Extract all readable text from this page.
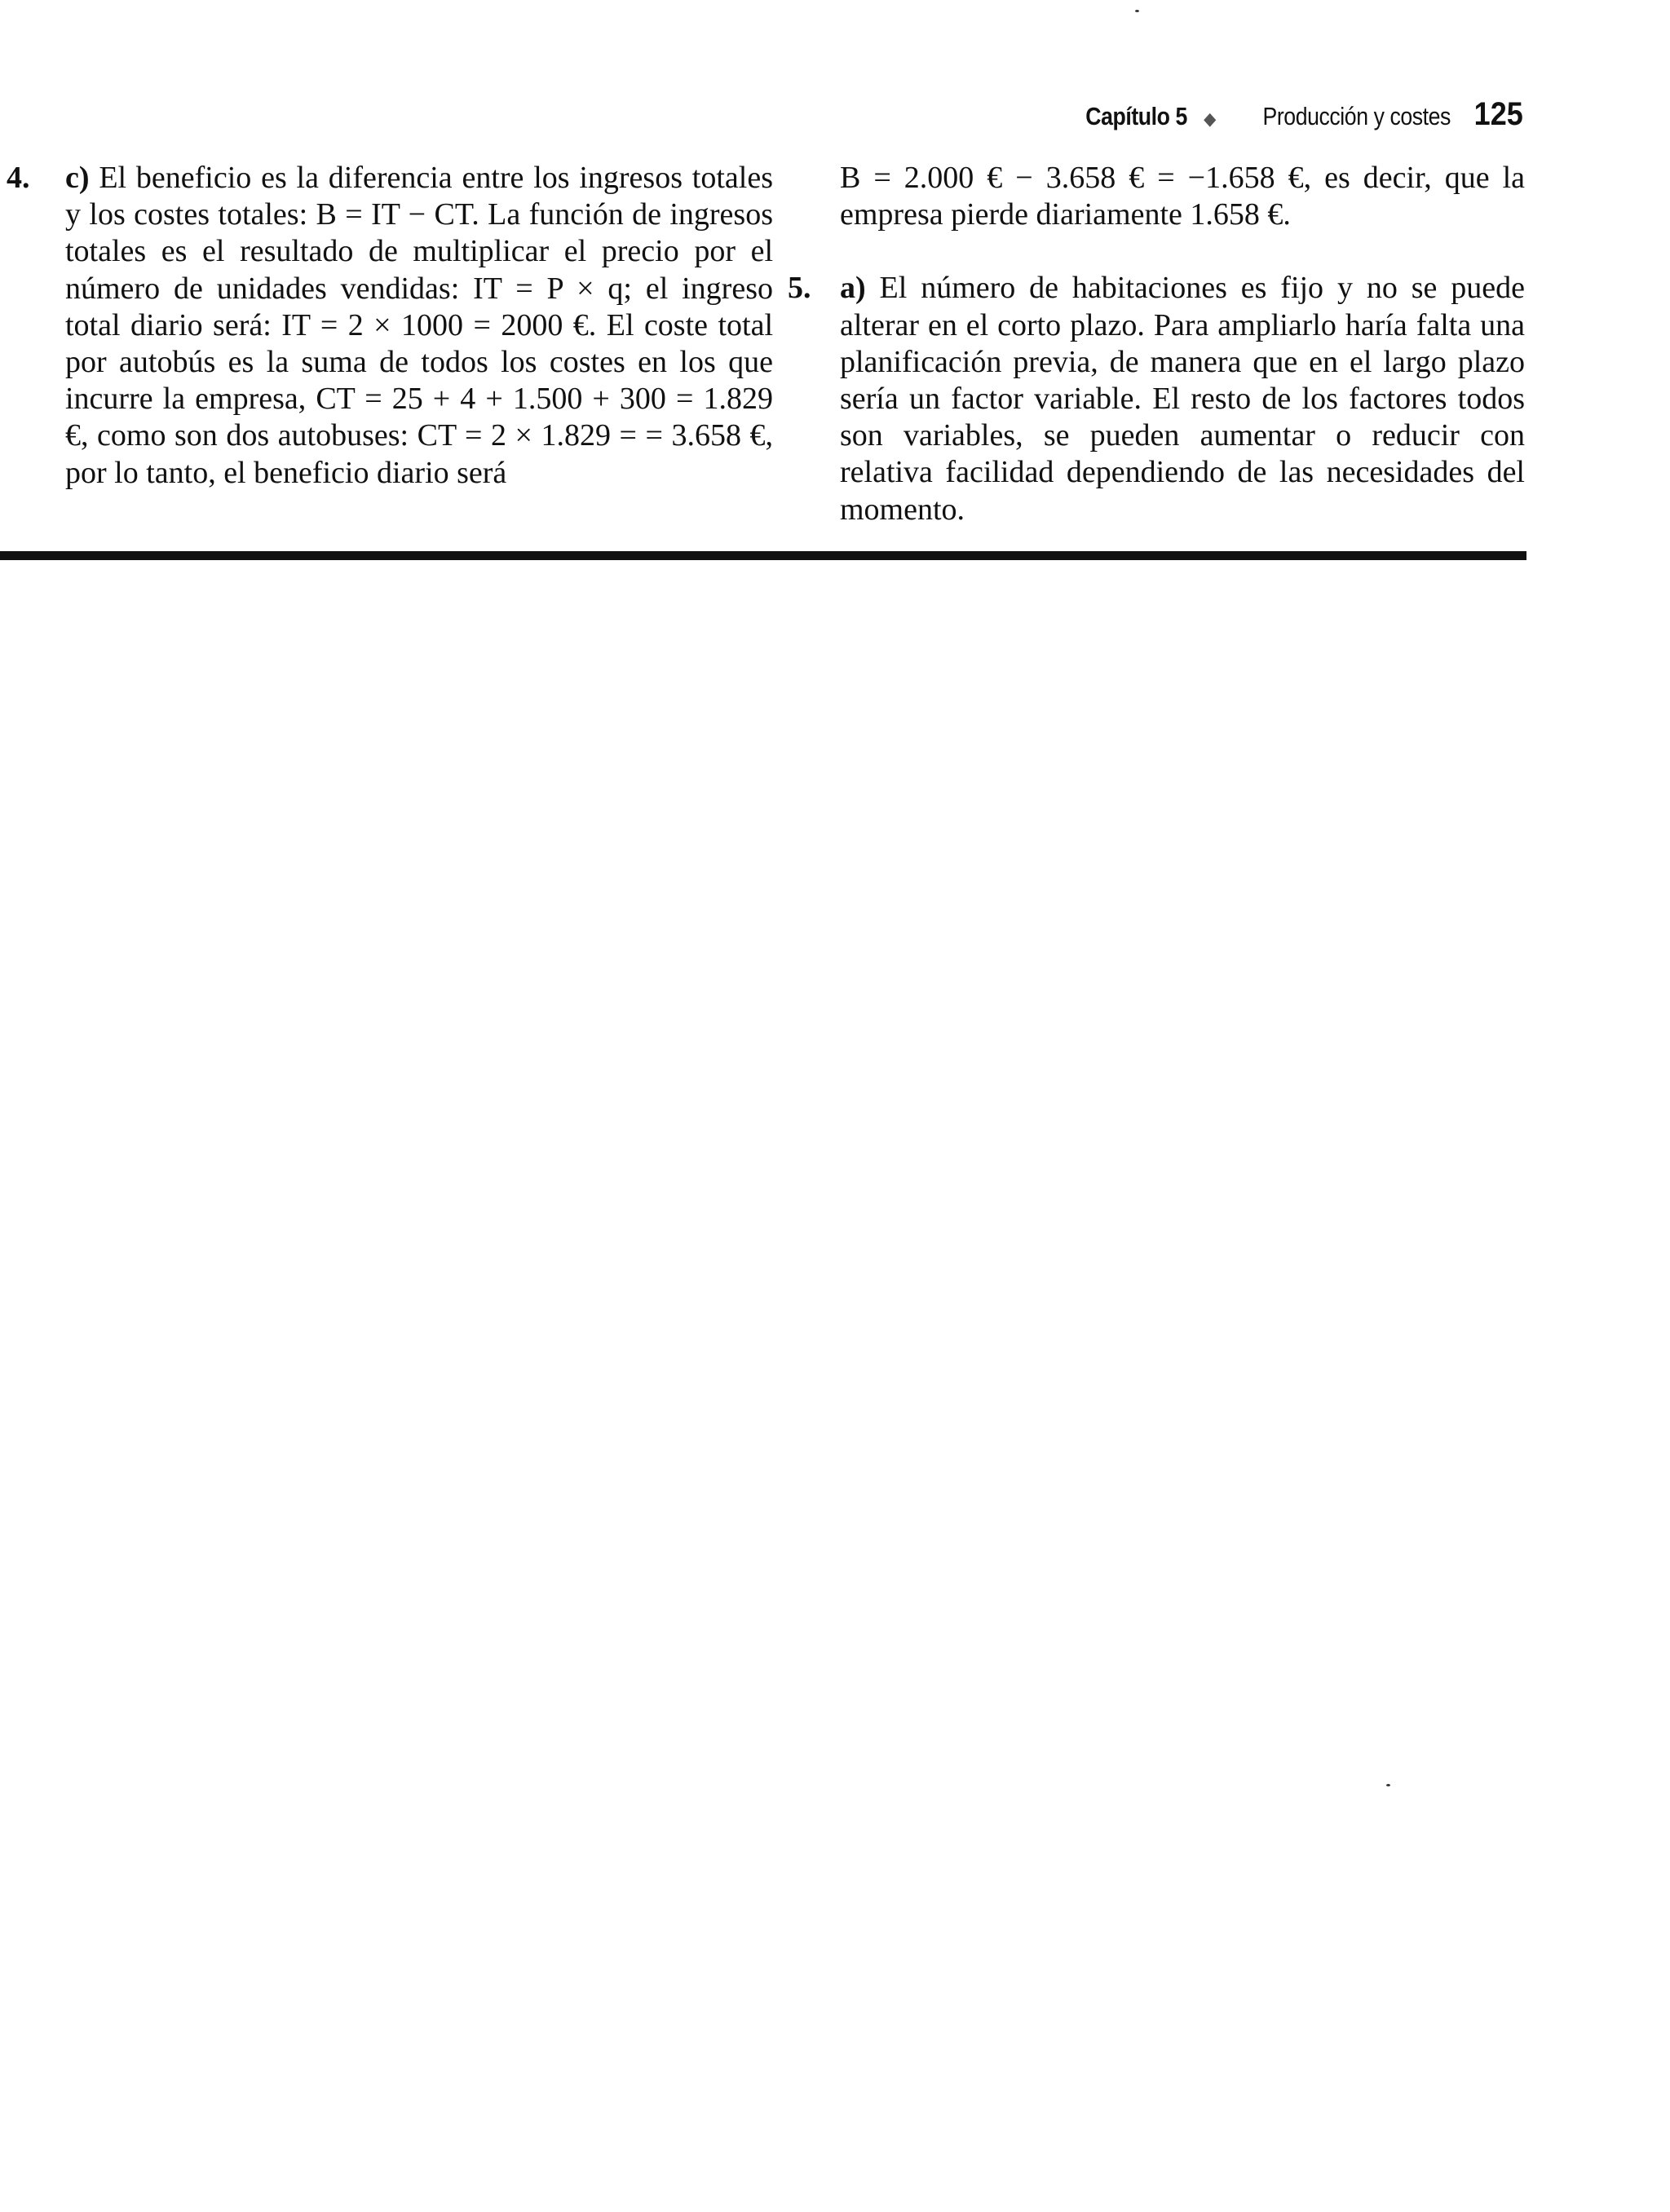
Capítulo 5 ◆ Producción y costes 125
4. c) El beneficio es la diferencia entre los ingresos totales y los costes totales: B = IT − CT. La función de ingresos totales es el resultado de multiplicar el precio por el número de unidades vendidas: IT = P × q; el ingreso total diario será: IT = 2 × 1000 = 2000 €. El coste total por autobús es la suma de todos los costes en los que incurre la empresa, CT = 25 + 4 + 1.500 + 300 = 1.829 €, como son dos autobuses: CT = 2 × 1.829 = = 3.658 €, por lo tanto, el beneficio diario será

B = 2.000 € − 3.658 € = −1.658 €, es decir, que la empresa pierde diariamente 1.658 €.

5. a) El número de habitaciones es fijo y no se puede alterar en el corto plazo. Para ampliarlo haría falta una planificación previa, de manera que en el largo plazo sería un factor variable. El resto de los factores todos son variables, se pueden aumentar o reducir con relativa facilidad dependiendo de las necesidades del momento.
